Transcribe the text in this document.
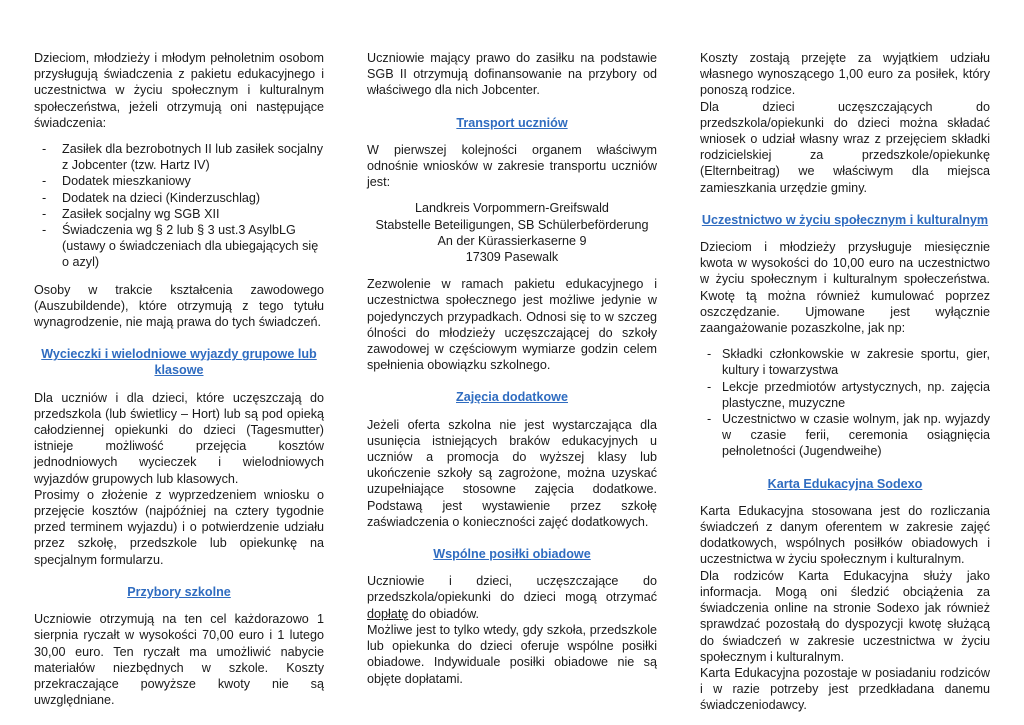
Dzieciom, młodzieży i młodym pełnoletnim osobom przysługują świadczenia z pakietu edukacyjnego i uczestnictwa w życiu społecznym i kulturalnym społeczeństwa, jeżeli otrzymują oni następujące świadczenia:

- Zasiłek dla bezrobotnych II lub zasiłek socjalny z Jobcenter (tzw. Hartz IV)
- Dodatek mieszkaniowy
- Dodatek na dzieci (Kinderzuschlag)
- Zasiłek socjalny wg SGB XII
- Świadczenia wg § 2 lub § 3 ust.3 AsylbLG (ustawy o świadczeniach dla ubiegających się o azyl)

Osoby w trakcie kształcenia zawodowego (Auszubildende), które otrzymują z tego tytułu wynagrodzenie, nie mają prawa do tych świadczeń.

Wycieczki i wielodniowe wyjazdy grupowe lub klasowe

Dla uczniów i dla dzieci, które uczęszczają do przedszkola (lub świetlicy – Hort) lub są pod opieką całodziennej opiekunki do dzieci (Tagesmutter) istnieje możliwość przejęcia kosztów jednodniowych wycieczek i wielodniowych wyjazdów grupowych lub klasowych.

Prosimy o złożenie z wyprzedzeniem wniosku o przejęcie kosztów (najpóźniej na cztery tygodnie przed terminem wyjazdu) i o potwierdzenie udziału przez szkołę, przedszkole lub opiekunkę na specjalnym formularzu.

Przybory szkolne

Uczniowie otrzymują na ten cel każdorazowo 1 sierpnia ryczałt w wysokości 70,00 euro i 1 lutego 30,00 euro. Ten ryczałt ma umożliwić nabycie materiałów niezbędnych w szkole. Koszty przekraczające powyższe kwoty nie są uwzględniane.

Uczniowie mający prawo do zasiłku na podstawie SGB II otrzymują dofinansowanie na przybory od właściwego dla nich Jobcenter.

Transport uczniów

W pierwszej kolejności organem właściwym odnośnie wniosków w zakresie transportu uczniów jest:

Landkreis Vorpommern-Greifswald
Stabstelle Beteiligungen, SB Schülerbeförderung
An der Kürassierkaserne 9
17309 Pasewalk

Zezwolenie w ramach pakietu edukacyjnego i uczestnictwa społecznego jest możliwe jedynie w pojedynczych przypadkach. Odnosi się to w szczeg ólności do młodzieży uczęszczającej do szkoły zawodowej w częściowym wymiarze godzin celem spełnienia obowiązku szkolnego.

Zajęcia dodatkowe

Jeżeli oferta szkolna nie jest wystarczająca dla usunięcia istniejących braków edukacyjnych u uczniów a promocja do wyższej klasy lub ukończenie szkoły są zagrożone, można uzyskać uzupełniające stosowne zajęcia dodatkowe. Podstawą jest wystawienie przez szkołę zaświadczenia o konieczności zajęć dodatkowych.

Wspólne posiłki obiadowe

Uczniowie i dzieci, uczęszczające do przedszkola/opiekunki do dzieci mogą otrzymać dopłatę do obiadów.

Możliwe jest to tylko wtedy, gdy szkoła, przedszkole lub opiekunka do dzieci oferuje wspólne posiłki obiadowe. Indywiduale posiłki obiadowe nie są objęte dopłatami.

Koszty zostają przejęte za wyjątkiem udziału własnego wynoszącego 1,00 euro za posiłek, który ponoszą rodzice.

Dla dzieci uczęszczających do przedszkola/opiekunki do dzieci można składać wniosek o udział własny wraz z przejęciem składki rodzicielskiej za przedszkole/opiekunkę (Elternbeitrag) we właściwym dla miejsca zamieszkania urzędzie gminy.

Uczestnictwo w życiu społecznym i kulturalnym

Dzieciom i młodzieży przysługuje miesięcznie kwota w wysokości do 10,00 euro na uczestnictwo w życiu społecznym i kulturalnym społeczeństwa. Kwotę tą można również kumulować poprzez oszczędzanie. Ujmowane jest wyłącznie zaangażowanie pozaszkolne, jak np:

- Składki członkowskie w zakresie sportu, gier, kultury i towarzystwa
- Lekcje przedmiotów artystycznych, np. zajęcia plastyczne, muzyczne
- Uczestnictwo w czasie wolnym, jak np. wyjazdy w czasie ferii, ceremonia osiągnięcia pełnoletności (Jugendweihe)
Karta Edukacyjna Sodexo

Karta Edukacyjna stosowana jest do rozliczania świadczeń z danym oferentem w zakresie zajęć dodatkowych, wspólnych posiłków obiadowych i uczestnictwa w życiu społecznym i kulturalnym.

Dla rodziców Karta Edukacyjna służy jako informacja. Mogą oni śledzić obciążenia za świadczenia online na stronie Sodexo jak również sprawdzać pozostałą do dyspozycji kwotę służącą do świadczeń w zakresie uczestnictwa w życiu społecznym i kulturalnym.

Karta Edukacyjna pozostaje w posiadaniu rodziców i w razie potrzeby jest przedkładana danemu świadczeniodawcy.
